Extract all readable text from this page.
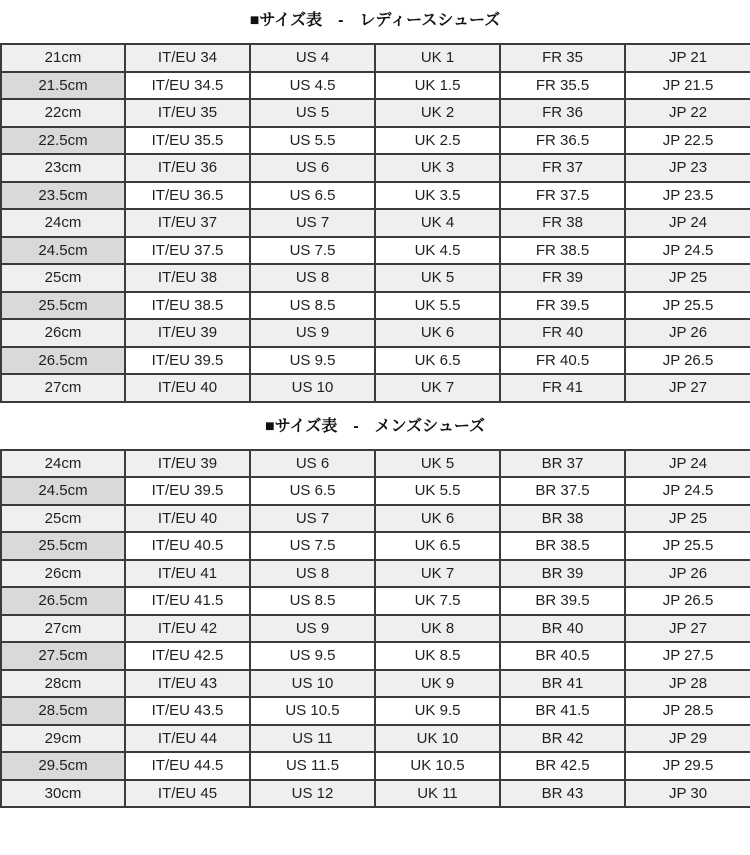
■サイズ表　-　レディースシューズ
21cm	IT/EU 34	US 4	UK 1	FR 35	JP 21
21.5cm	IT/EU 34.5	US 4.5	UK 1.5	FR 35.5	JP 21.5
22cm	IT/EU 35	US 5	UK 2	FR 36	JP 22
22.5cm	IT/EU 35.5	US 5.5	UK 2.5	FR 36.5	JP 22.5
23cm	IT/EU 36	US 6	UK 3	FR 37	JP 23
23.5cm	IT/EU 36.5	US 6.5	UK 3.5	FR 37.5	JP 23.5
24cm	IT/EU 37	US 7	UK 4	FR 38	JP 24
24.5cm	IT/EU 37.5	US 7.5	UK 4.5	FR 38.5	JP 24.5
25cm	IT/EU 38	US 8	UK 5	FR 39	JP 25
25.5cm	IT/EU 38.5	US 8.5	UK 5.5	FR 39.5	JP 25.5
26cm	IT/EU 39	US 9	UK 6	FR 40	JP 26
26.5cm	IT/EU 39.5	US 9.5	UK 6.5	FR 40.5	JP 26.5
27cm	IT/EU 40	US 10	UK 7	FR 41	JP 27
■サイズ表　-　メンズシューズ
24cm	IT/EU 39	US 6	UK 5	BR 37	JP 24
24.5cm	IT/EU 39.5	US 6.5	UK 5.5	BR 37.5	JP 24.5
25cm	IT/EU 40	US 7	UK 6	BR 38	JP 25
25.5cm	IT/EU 40.5	US 7.5	UK 6.5	BR 38.5	JP 25.5
26cm	IT/EU 41	US 8	UK 7	BR 39	JP 26
26.5cm	IT/EU 41.5	US 8.5	UK 7.5	BR 39.5	JP 26.5
27cm	IT/EU 42	US 9	UK 8	BR 40	JP 27
27.5cm	IT/EU 42.5	US 9.5	UK 8.5	BR 40.5	JP 27.5
28cm	IT/EU 43	US 10	UK 9	BR 41	JP 28
28.5cm	IT/EU 43.5	US 10.5	UK 9.5	BR 41.5	JP 28.5
29cm	IT/EU 44	US 11	UK 10	BR 42	JP 29
29.5cm	IT/EU 44.5	US 11.5	UK 10.5	BR 42.5	JP 29.5
30cm	IT/EU 45	US 12	UK 11	BR 43	JP 30
